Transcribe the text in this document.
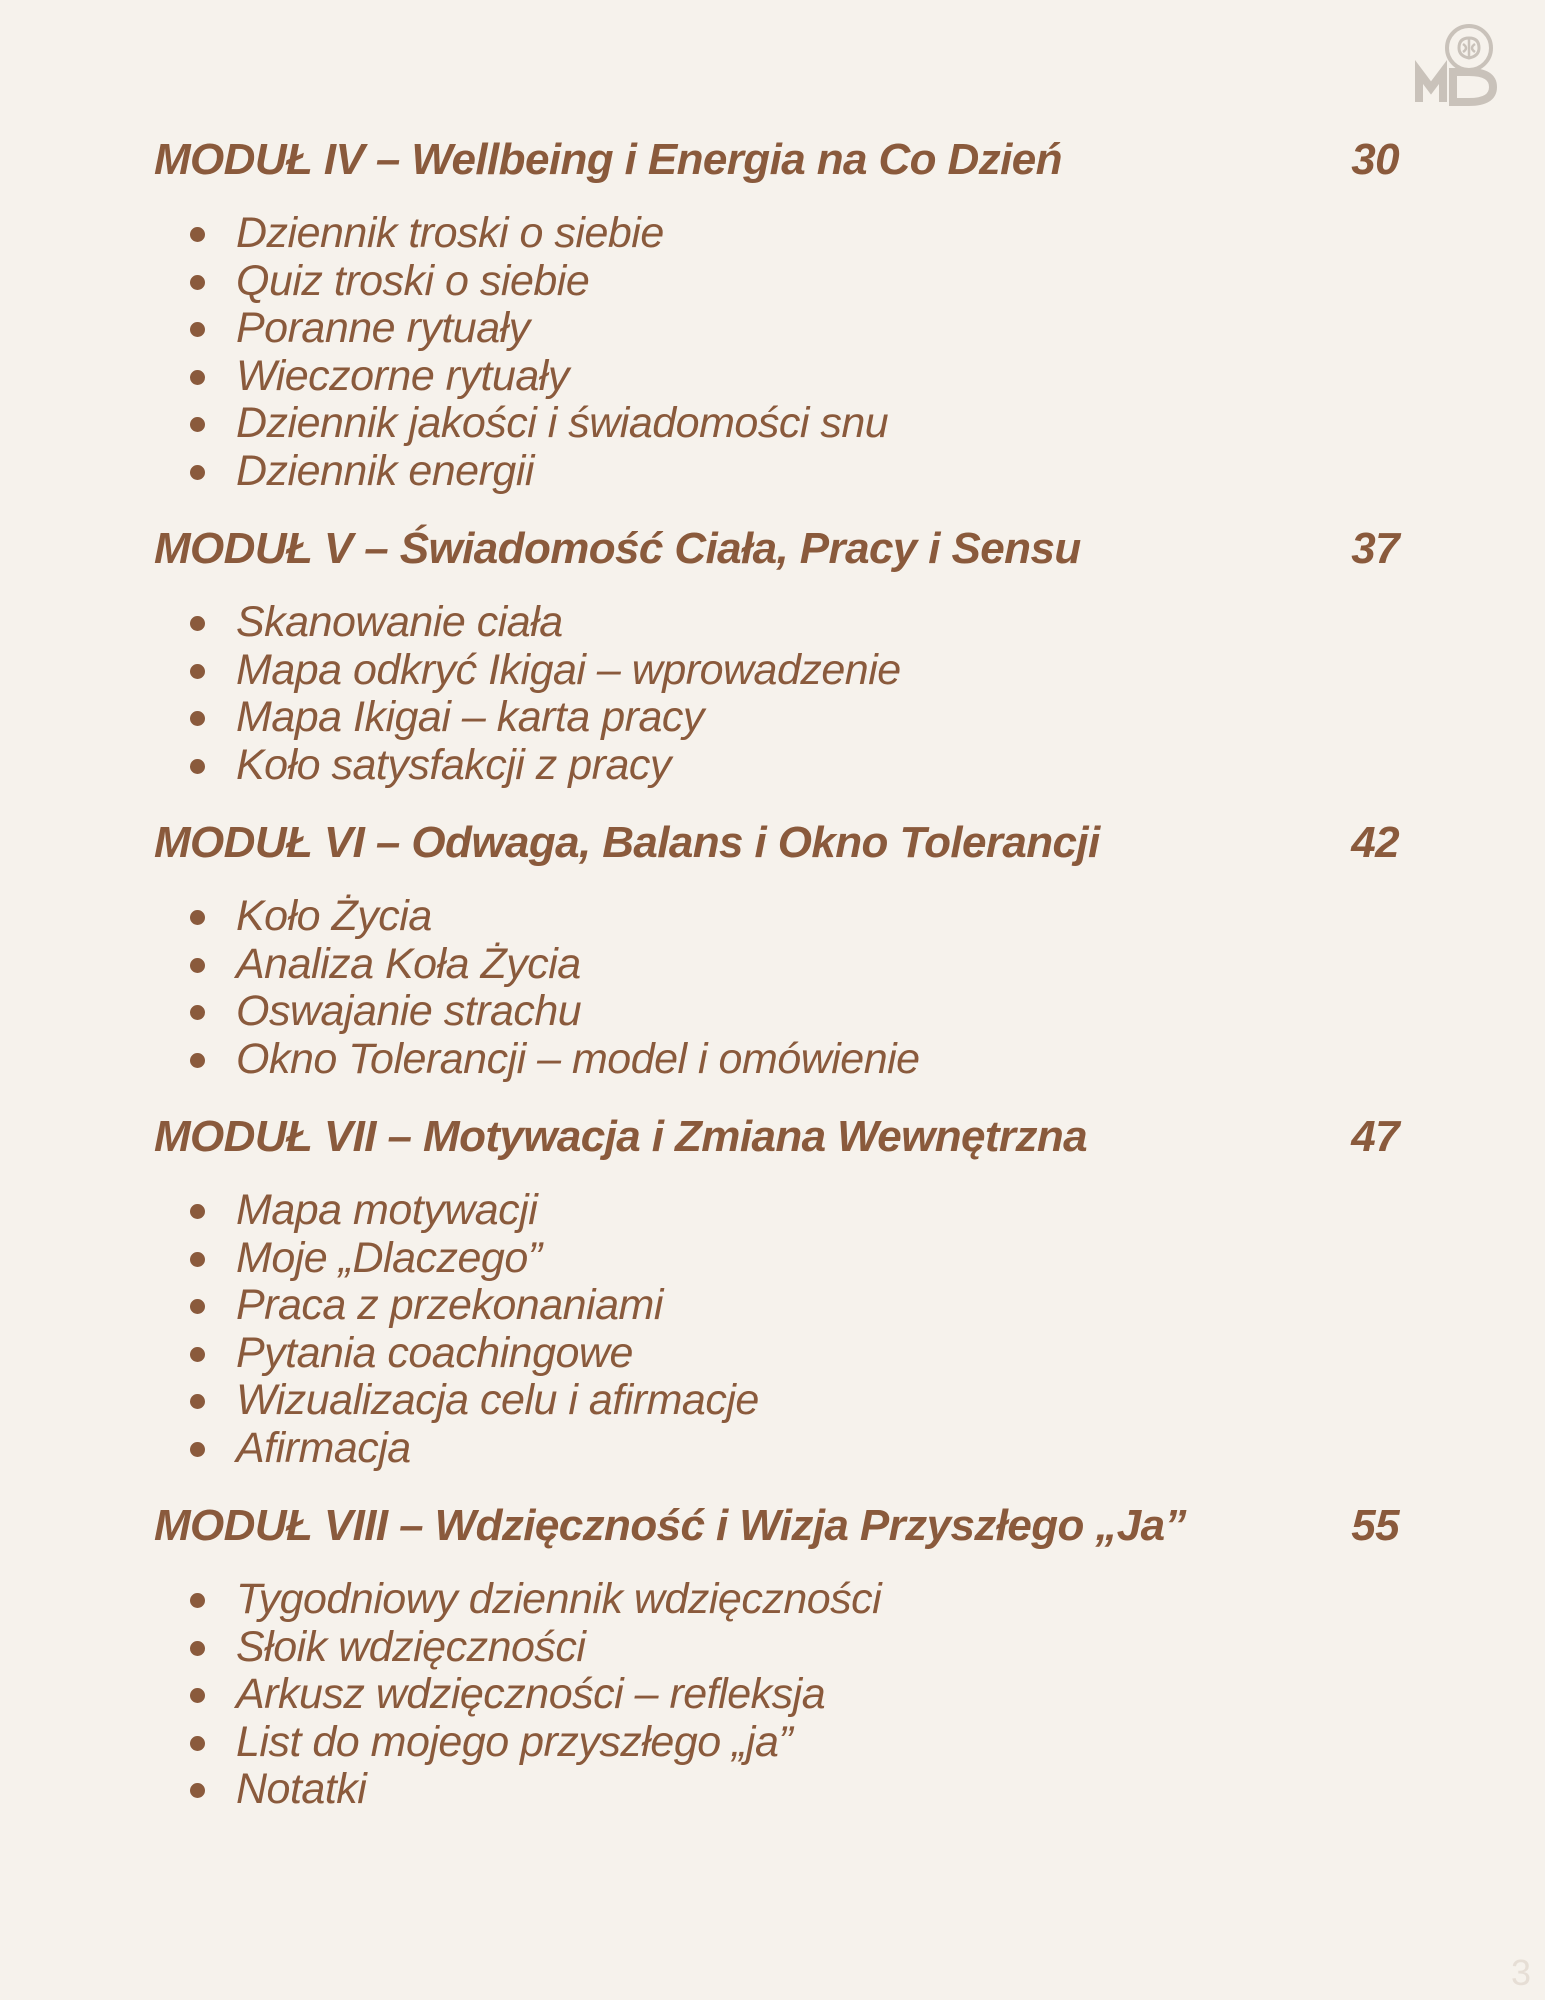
MODUŁ IV – Wellbeing i Energia na Co Dzień	30
Dziennik troski o siebie
Quiz troski o siebie
Poranne rytuały
Wieczorne rytuały
Dziennik jakości i świadomości snu
Dziennik energii
MODUŁ V – Świadomość Ciała, Pracy i Sensu	37
Skanowanie ciała
Mapa odkryć Ikigai – wprowadzenie
Mapa Ikigai – karta pracy
Koło satysfakcji z pracy
MODUŁ VI – Odwaga, Balans i Okno Tolerancji	42
Koło Życia
Analiza Koła Życia
Oswajanie strachu
Okno Tolerancji – model i omówienie
MODUŁ VII – Motywacja i Zmiana Wewnętrzna	47
Mapa motywacji
Moje „Dlaczego”
Praca z przekonaniami
Pytania coachingowe
Wizualizacja celu i afirmacje
Afirmacja
MODUŁ VIII – Wdzięczność i Wizja Przyszłego „Ja”	55
Tygodniowy dziennik wdzięczności
Słoik wdzięczności
Arkusz wdzięczności – refleksja
List do mojego przyszłego „ja”
Notatki
3
